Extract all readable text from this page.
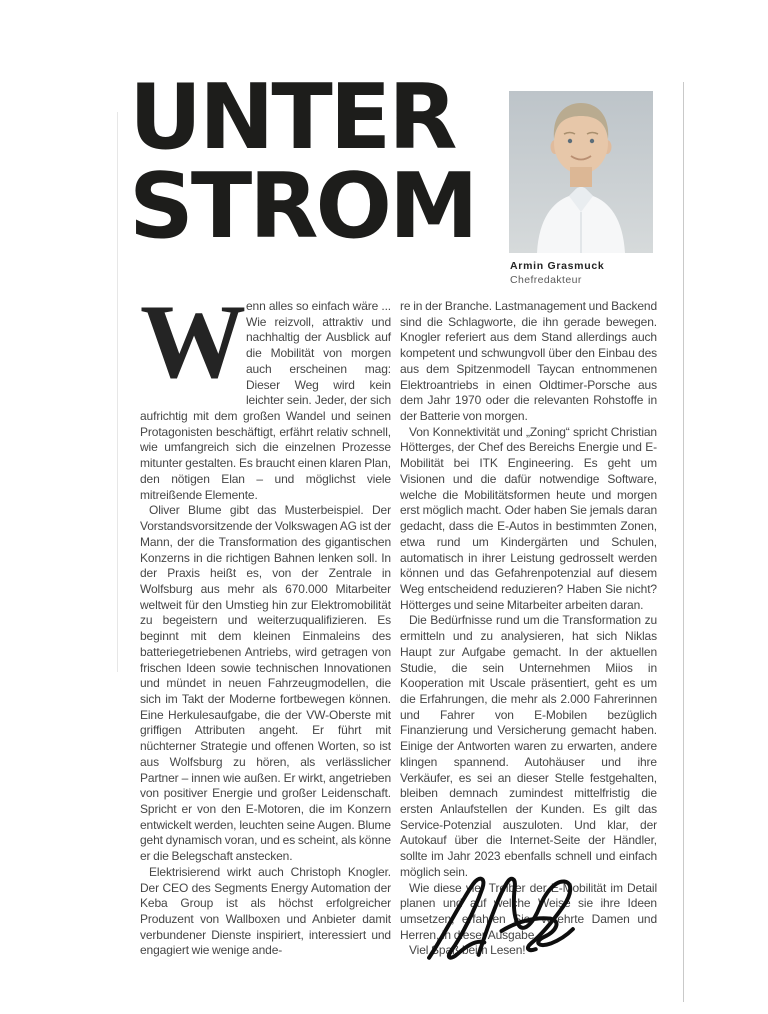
UNTER
STROM
Armin Grasmuck
Chefredakteur

Wenn alles so einfach wäre ... Wie reizvoll, attraktiv und nachhaltig der Ausblick auf die Mobilität von morgen auch erscheinen mag: Dieser Weg wird kein leichter sein. Jeder, der sich aufrichtig mit dem großen Wandel und seinen Protagonisten beschäftigt, erfährt relativ schnell, wie umfangreich sich die einzelnen Prozesse mitunter gestalten. Es braucht einen klaren Plan, den nötigen Elan – und möglichst viele mitreißende Elemente.

Oliver Blume gibt das Musterbeispiel. Der Vorstandsvorsitzende der Volkswagen AG ist der Mann, der die Transformation des gigantischen Konzerns in die richtigen Bahnen lenken soll. In der Praxis heißt es, von der Zentrale in Wolfsburg aus mehr als 670.000 Mitarbeiter weltweit für den Umstieg hin zur Elektromobilität zu begeistern und weiterzuqualifizieren. Es beginnt mit dem kleinen Einmaleins des batteriegetriebenen Antriebs, wird getragen von frischen Ideen sowie technischen Innovationen und mündet in neuen Fahrzeugmodellen, die sich im Takt der Moderne fortbewegen können. Eine Herkulesaufgabe, die der VW-Oberste mit griffigen Attributen angeht. Er führt mit nüchterner Strategie und offenen Worten, so ist aus Wolfsburg zu hören, als verlässlicher Partner – innen wie außen. Er wirkt, angetrieben von positiver Energie und großer Leidenschaft. Spricht er von den E-Motoren, die im Konzern entwickelt werden, leuchten seine Augen. Blume geht dynamisch voran, und es scheint, als könne er die Belegschaft anstecken.

Elektrisierend wirkt auch Christoph Knogler. Der CEO des Segments Energy Automation der Keba Group ist als höchst erfolgreicher Produzent von Wallboxen und Anbieter damit verbundener Dienste inspiriert, interessiert und engagiert wie wenige ande-

re in der Branche. Lastmanagement und Backend sind die Schlagworte, die ihn gerade bewegen. Knogler referiert aus dem Stand allerdings auch kompetent und schwungvoll über den Einbau des aus dem Spitzenmodell Taycan entnommenen Elektroantriebs in einen Oldtimer-Porsche aus dem Jahr 1970 oder die relevanten Rohstoffe in der Batterie von morgen.

Von Konnektivität und „Zoning“ spricht Christian Hötterges, der Chef des Bereichs Energie und E-Mobilität bei ITK Engineering. Es geht um Visionen und die dafür notwendige Software, welche die Mobilitätsformen heute und morgen erst möglich macht. Oder haben Sie jemals daran gedacht, dass die E-Autos in bestimmten Zonen, etwa rund um Kindergärten und Schulen, automatisch in ihrer Leistung gedrosselt werden können und das Gefahrenpotenzial auf diesem Weg entscheidend reduzieren? Haben Sie nicht? Hötterges und seine Mitarbeiter arbeiten daran.

Die Bedürfnisse rund um die Transformation zu ermitteln und zu analysieren, hat sich Niklas Haupt zur Aufgabe gemacht. In der aktuellen Studie, die sein Unternehmen Miios in Kooperation mit Uscale präsentiert, geht es um die Erfahrungen, die mehr als 2.000 Fahrerinnen und Fahrer von E-Mobilen bezüglich Finanzierung und Versicherung gemacht haben. Einige der Antworten waren zu erwarten, andere klingen spannend. Autohäuser und ihre Verkäufer, es sei an dieser Stelle festgehalten, bleiben demnach zumindest mittelfristig die ersten Anlaufstellen der Kunden. Es gilt das Service-Potenzial auszuloten. Und klar, der Autokauf über die Internet-Seite der Händler, sollte im Jahr 2023 ebenfalls schnell und einfach möglich sein.

Wie diese vier Treiber der E-Mobilität im Detail planen und auf welche Weise sie ihre Ideen umsetzen, erfahren Sie, verehrte Damen und Herren, in dieser Ausgabe.

Viel Spaß beim Lesen!
